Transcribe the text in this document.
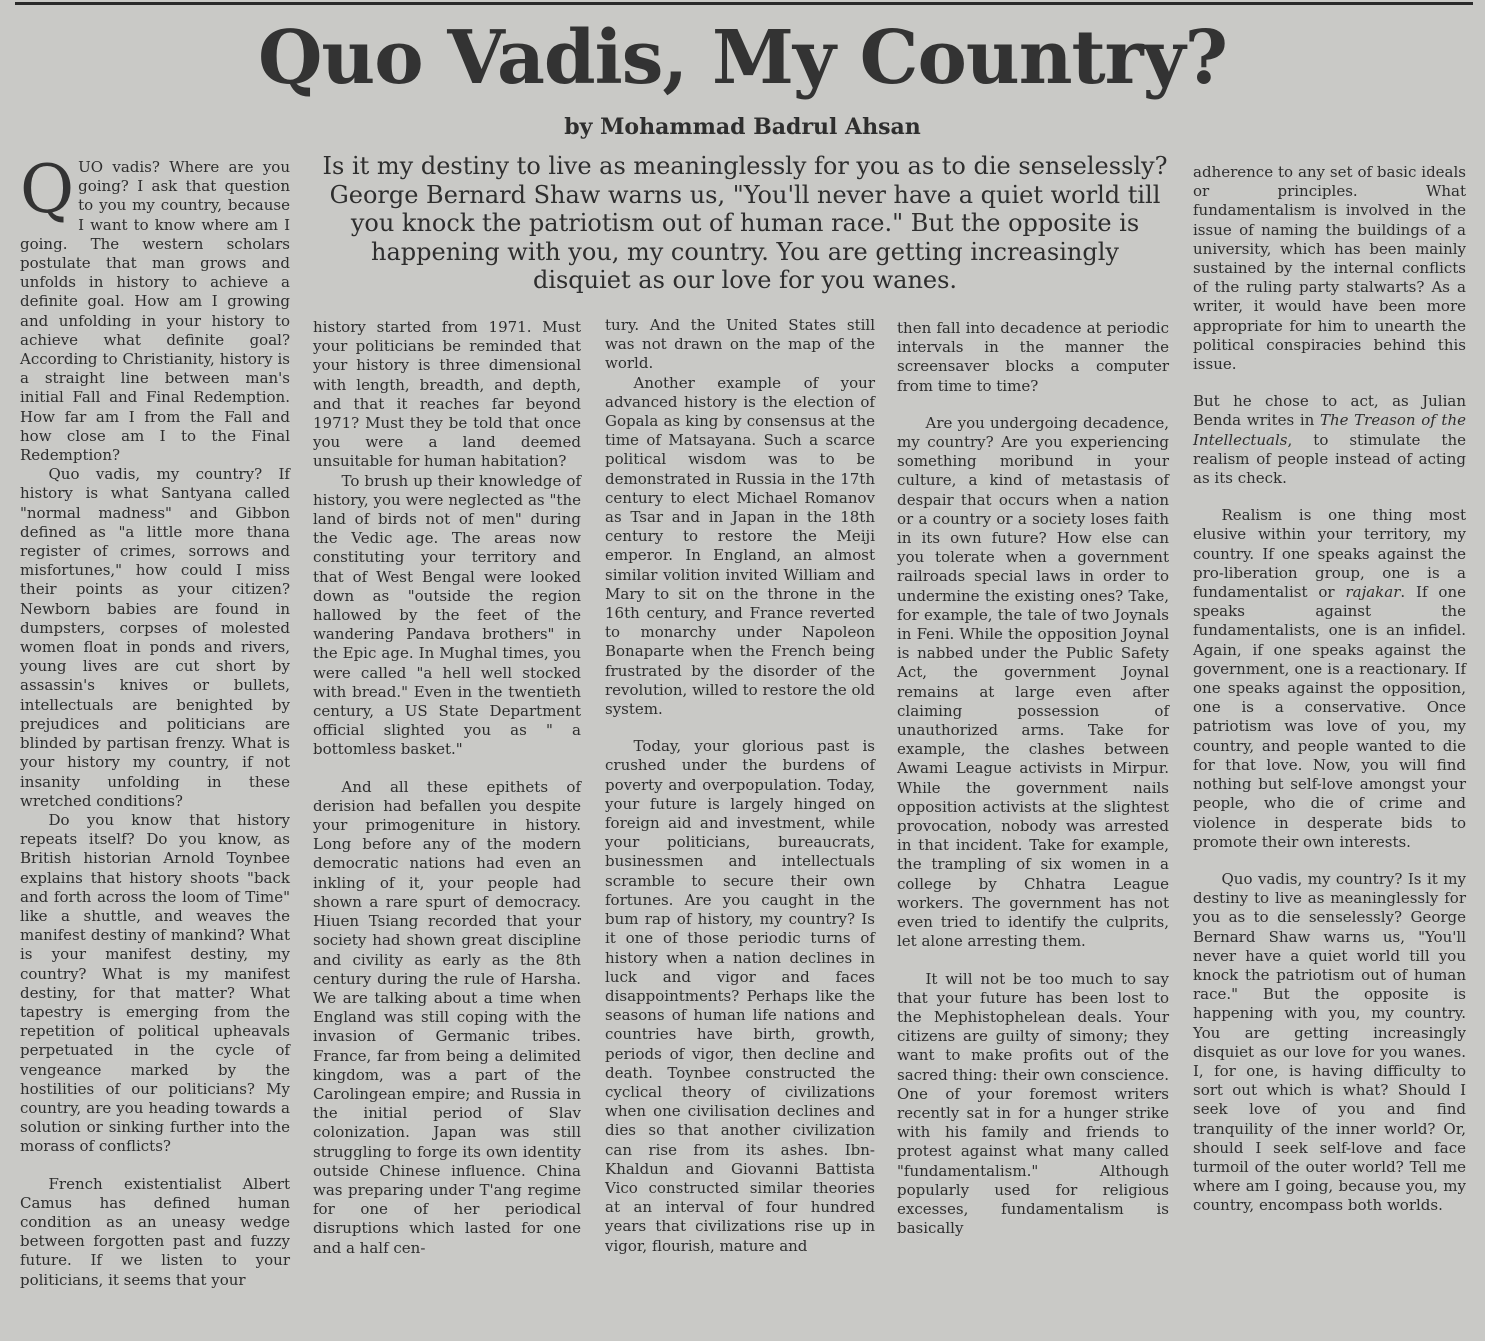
Quo Vadis, My Country?
by Mohammad Badrul Ahsan
Is it my destiny to live as meaninglessly for you as to die senselessly? George Bernard Shaw warns us, "You'll never have a quiet world till you knock the patriotism out of human race." But the opposite is happening with you, my country. You are getting increasingly disquiet as our love for you wanes.

QUO vadis? Where are you going? I ask that question to you my country, because I want to know where am I going. The western scholars postulate that man grows and unfolds in history to achieve a definite goal. How am I growing and unfolding in your history to achieve what definite goal? According to Christianity, history is a straight line between man's initial Fall and Final Redemption. How far am I from the Fall and how close am I to the Final Redemption?

Quo vadis, my country? If history is what Santyana called "normal madness" and Gibbon defined as "a little more thana register of crimes, sorrows and misfortunes," how could I miss their points as your citizen? Newborn babies are found in dumpsters, corpses of molested women float in ponds and rivers, young lives are cut short by assassin's knives or bullets, intellectuals are benighted by prejudices and politicians are blinded by partisan frenzy. What is your history my country, if not insanity unfolding in these wretched conditions?

Do you know that history repeats itself? Do you know, as British historian Arnold Toynbee explains that history shoots "back and forth across the loom of Time" like a shuttle, and weaves the manifest destiny of mankind? What is your manifest destiny, my country? What is my manifest destiny, for that matter? What tapestry is emerging from the repetition of political upheavals perpetuated in the cycle of vengeance marked by the hostilities of our politicians? My country, are you heading towards a solution or sinking further into the morass of conflicts?

French existentialist Albert Camus has defined human condition as an uneasy wedge between forgotten past and fuzzy future. If we listen to your politicians, it seems that your

history started from 1971. Must your politicians be reminded that your history is three dimensional with length, breadth, and depth, and that it reaches far beyond 1971? Must they be told that once you were a land deemed unsuitable for human habitation?

To brush up their knowledge of history, you were neglected as "the land of birds not of men" during the Vedic age. The areas now constituting your territory and that of West Bengal were looked down as "outside the region hallowed by the feet of the wandering Pandava brothers" in the Epic age. In Mughal times, you were called "a hell well stocked with bread." Even in the twentieth century, a US State Department official slighted you as " a bottomless basket."

And all these epithets of derision had befallen you despite your primogeniture in history. Long before any of the modern democratic nations had even an inkling of it, your people had shown a rare spurt of democracy. Hiuen Tsiang recorded that your society had shown great discipline and civility as early as the 8th century during the rule of Harsha. We are talking about a time when England was still coping with the invasion of Germanic tribes. France, far from being a delimited kingdom, was a part of the Carolingean empire; and Russia in the initial period of Slav colonization. Japan was still struggling to forge its own identity outside Chinese influence. China was preparing under T'ang regime for one of her periodical disruptions which lasted for one and a half cen-

tury. And the United States still was not drawn on the map of the world.

Another example of your advanced history is the election of Gopala as king by consensus at the time of Matsayana. Such a scarce political wisdom was to be demonstrated in Russia in the 17th century to elect Michael Romanov as Tsar and in Japan in the 18th century to restore the Meiji emperor. In England, an almost similar volition invited William and Mary to sit on the throne in the 16th century, and France reverted to monarchy under Napoleon Bonaparte when the French being frustrated by the disorder of the revolution, willed to restore the old system.

Today, your glorious past is crushed under the burdens of poverty and overpopulation. Today, your future is largely hinged on foreign aid and investment, while your politicians, bureaucrats, businessmen and intellectuals scramble to secure their own fortunes. Are you caught in the bum rap of history, my country? Is it one of those periodic turns of history when a nation declines in luck and vigor and faces disappointments? Perhaps like the seasons of human life nations and countries have birth, growth, periods of vigor, then decline and death. Toynbee constructed the cyclical theory of civilizations when one civilisation declines and dies so that another civilization can rise from its ashes. Ibn-Khaldun and Giovanni Battista Vico constructed similar theories at an interval of four hundred years that civilizations rise up in vigor, flourish, mature and

then fall into decadence at periodic intervals in the manner the screensaver blocks a computer from time to time?

Are you undergoing decadence, my country? Are you experiencing something moribund in your culture, a kind of metastasis of despair that occurs when a nation or a country or a society loses faith in its own future? How else can you tolerate when a government railroads special laws in order to undermine the existing ones? Take, for example, the tale of two Joynals in Feni. While the opposition Joynal is nabbed under the Public Safety Act, the government Joynal remains at large even after claiming possession of unauthorized arms. Take for example, the clashes between Awami League activists in Mirpur. While the government nails opposition activists at the slightest provocation, nobody was arrested in that incident. Take for example, the trampling of six women in a college by Chhatra League workers. The government has not even tried to identify the culprits, let alone arresting them.

It will not be too much to say that your future has been lost to the Mephistophelean deals. Your citizens are guilty of simony; they want to make profits out of the sacred thing: their own conscience. One of your foremost writers recently sat in for a hunger strike with his family and friends to protest against what many called "fundamentalism." Although popularly used for religious excesses, fundamentalism is basically

adherence to any set of basic ideals or principles. What fundamentalism is involved in the issue of naming the buildings of a university, which has been mainly sustained by the internal conflicts of the ruling party stalwarts? As a writer, it would have been more appropriate for him to unearth the political conspiracies behind this issue.

But he chose to act, as Julian Benda writes in The Treason of the Intellectuals, to stimulate the realism of people instead of acting as its check.

Realism is one thing most elusive within your territory, my country. If one speaks against the pro-liberation group, one is a fundamentalist or rajakar. If one speaks against the fundamentalists, one is an infidel. Again, if one speaks against the government, one is a reactionary. If one speaks against the opposition, one is a conservative. Once patriotism was love of you, my country, and people wanted to die for that love. Now, you will find nothing but self-love amongst your people, who die of crime and violence in desperate bids to promote their own interests.

Quo vadis, my country? Is it my destiny to live as meaninglessly for you as to die senselessly? George Bernard Shaw warns us, "You'll never have a quiet world till you knock the patriotism out of human race." But the opposite is happening with you, my country. You are getting increasingly disquiet as our love for you wanes. I, for one, is having difficulty to sort out which is what? Should I seek love of you and find tranquility of the inner world? Or, should I seek self-love and face turmoil of the outer world? Tell me where am I going, because you, my country, encompass both worlds.
